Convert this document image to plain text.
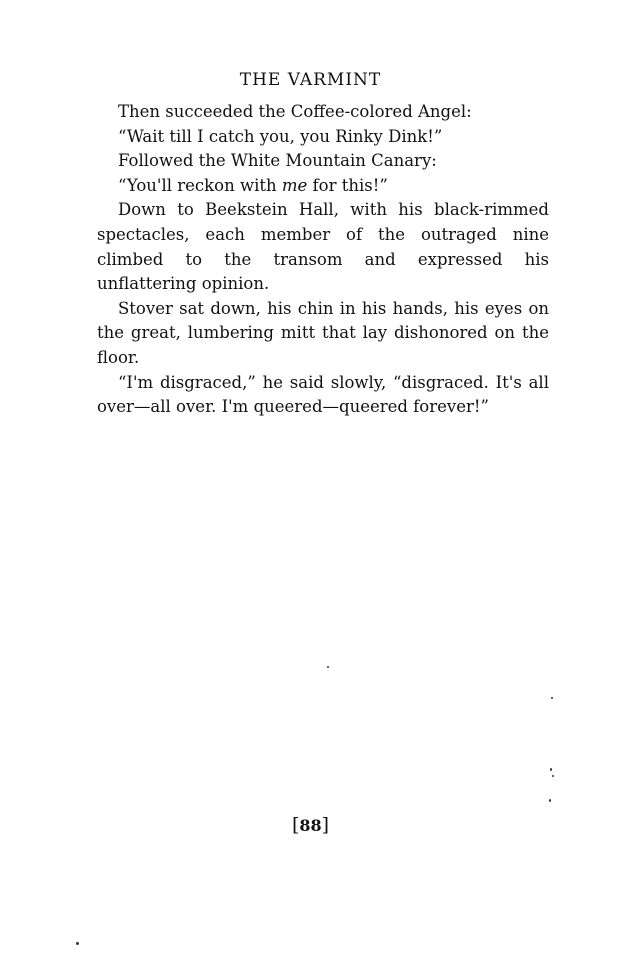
THE VARMINT

Then succeeded the Coffee-colored Angel:

“Wait till I catch you, you Rinky Dink!”

Followed the White Mountain Canary:

“You'll reckon with me for this!”

Down to Beekstein Hall, with his black-rimmed spectacles, each member of the outraged nine climbed to the transom and expressed his unflattering opinion.

Stover sat down, his chin in his hands, his eyes on the great, lumbering mitt that lay dishonored on the floor.

“I'm disgraced,” he said slowly, “disgraced. It's all over—all over. I'm queered—queered forever!”

[88]
